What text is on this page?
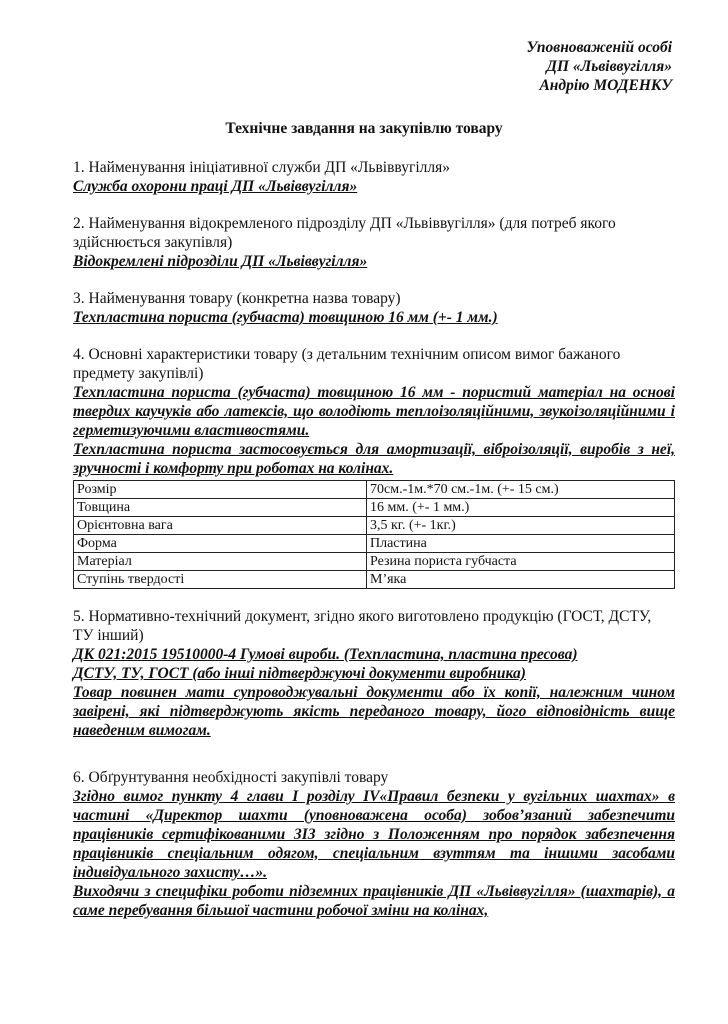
Уповноваженій особі
ДП «Львіввугілля»
Андрію МОДЕНКУ
Технічне завдання на закупівлю товару

1. Найменування ініціативної служби ДП «Львіввугілля»

Служба охорони праці ДП «Львіввугілля»

2. Найменування відокремленого підрозділу ДП «Львіввугілля» (для потреб якого здійснюється закупівля)

Відокремлені підрозділи ДП «Львіввугілля»

3. Найменування товару (конкретна назва товару)

Техпластина пориста (губчаста) товщиною 16 мм (+- 1 мм.)

4. Основні характеристики товару (з детальним технічним описом вимог бажаного предмету закупівлі)

Техпластина пориста (губчаста) товщиною 16 мм - пористий матеріал на основі твердих каучуків або латексів, що володіють теплоізоляційними, звукоізоляційними і герметизуючими властивостями.

Техпластина пориста застосовується для амортизації, віброізоляції, виробів з неї, зручності і комфорту при роботах на колінах.

Розмір	70см.-1м.*70 см.-1м. (+- 15 см.)
Товщина	16 мм. (+- 1 мм.)
Орієнтовна вага	3,5 кг. (+- 1кг.)
Форма	Пластина
Матеріал	Резина пориста губчаста
Ступінь твердості	М’яка

5. Нормативно-технічний документ, згідно якого виготовлено продукцію (ГОСТ, ДСТУ, ТУ інший)

ДК 021:2015 19510000-4 Гумові вироби. (Техпластина, пластина пресова)

ДСТУ, ТУ, ГОСТ (або інші підтверджуючі документи виробника)

Товар повинен мати супроводжувальні документи або їх копії, належним чином завірені, які підтверджують якість переданого товару, його відповідність вище наведеним вимогам.

6. Обґрунтування необхідності закупівлі товару

Згідно вимог пункту 4 глави І розділу IV«Правил безпеки у вугільних шахтах» в частині «Директор шахти (уповноважена особа) зобов’язаний забезпечити працівників сертифікованими ЗІЗ згідно з Положенням про порядок забезпечення працівників спеціальним одягом, спеціальним взуттям та іншими засобами індивідуального захисту…».

Виходячи з специфіки роботи підземних працівників ДП «Львіввугілля» (шахтарів), а саме перебування більшої частини робочої зміни на колінах,
